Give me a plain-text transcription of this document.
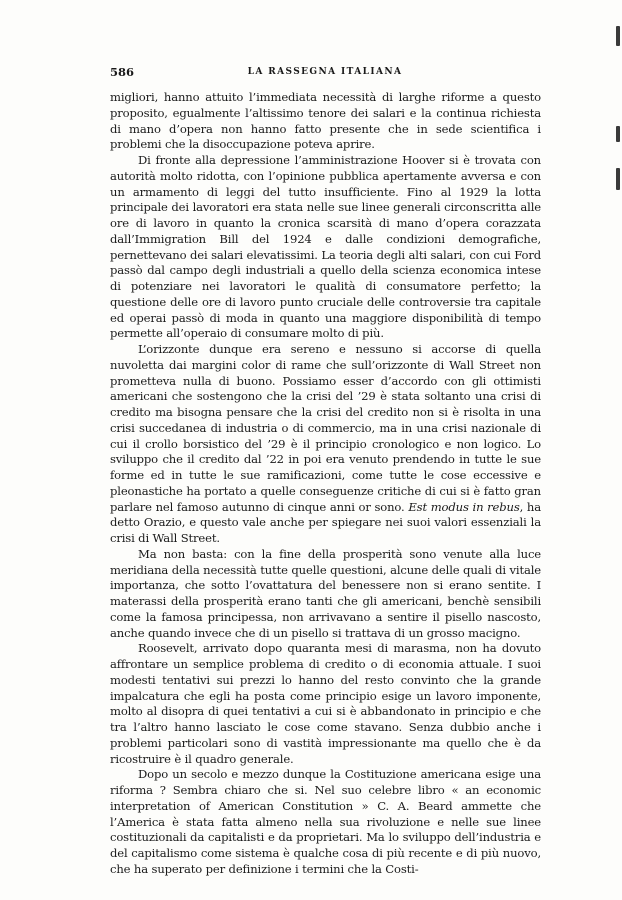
586	LA RASSEGNA ITALIANA

migliori, hanno attuito l’immediata necessità di larghe riforme a questo proposito, egualmente l’altissimo tenore dei salari e la continua richiesta di mano d’opera non hanno fatto presente che in sede scientifica i problemi che la disoccupazione poteva aprire.

Di fronte alla depressione l’amministrazione Hoover si è trovata con autorità molto ridotta, con l’opinione pubblica apertamente avversa e con un armamento di leggi del tutto insufficiente. Fino al 1929 la lotta principale dei lavoratori era stata nelle sue linee generali circonscritta alle ore di lavoro in quanto la cronica scarsità di mano d’opera corazzata dall’Immigration Bill del 1924 e dalle condizioni demografiche, pernettevano dei salari elevatissimi. La teoria degli alti salari, con cui Ford passò dal campo degli industriali a quello della scienza economica intese di potenziare nei lavoratori le qualità di consumatore perfetto; la questione delle ore di lavoro punto cruciale delle controversie tra capitale ed operai passò di moda in quanto una maggiore disponibilità di tempo permette all’operaio di consumare molto di più.

L’orizzonte dunque era sereno e nessuno si accorse di quella nuvoletta dai margini color di rame che sull’orizzonte di Wall Street non prometteva nulla di buono. Possiamo esser d’accordo con gli ottimisti americani che sostengono che la crisi del ’29 è stata soltanto una crisi di credito ma bisogna pensare che la crisi del credito non si è risolta in una crisi succedanea di industria o di commercio, ma in una crisi nazionale di cui il crollo borsistico del ’29 è il principio cronologico e non logico. Lo sviluppo che il credito dal ’22 in poi era venuto prendendo in tutte le sue forme ed in tutte le sue ramificazioni, come tutte le cose eccessive e pleonastiche ha portato a quelle conseguenze critiche di cui si è fatto gran parlare nel famoso autunno di cinque anni or sono. Est modus in rebus, ha detto Orazio, e questo vale anche per spiegare nei suoi valori essenziali la crisi di Wall Street.

Ma non basta: con la fine della prosperità sono venute alla luce meridiana della necessità tutte quelle questioni, alcune delle quali di vitale importanza, che sotto l’ovattatura del benessere non si erano sentite. I materassi della prosperità erano tanti che gli americani, benchè sensibili come la famosa principessa, non arrivavano a sentire il pisello nascosto, anche quando invece che di un pisello si trattava di un grosso macigno.

Roosevelt, arrivato dopo quaranta mesi di marasma, non ha dovuto affrontare un semplice problema di credito o di economia attuale. I suoi modesti tentativi sui prezzi lo hanno del resto convinto che la grande impalcatura che egli ha posta come principio esige un lavoro imponente, molto al disopra di quei tentativi a cui si è abbandonato in principio e che tra l’altro hanno lasciato le cose come stavano. Senza dubbio anche i problemi particolari sono di vastità impressionante ma quello che è da ricostruire è il quadro generale.

Dopo un secolo e mezzo dunque la Costituzione americana esige una riforma ? Sembra chiaro che si. Nel suo celebre libro « an economic interpretation of American Constitution » C. A. Beard ammette che l’America è stata fatta almeno nella sua rivoluzione e nelle sue linee costituzionali da capitalisti e da proprietari. Ma lo sviluppo dell’industria e del capitalismo come sistema è qualche cosa di più recente e di più nuovo, che ha superato per definizione i termini che la Costi-
